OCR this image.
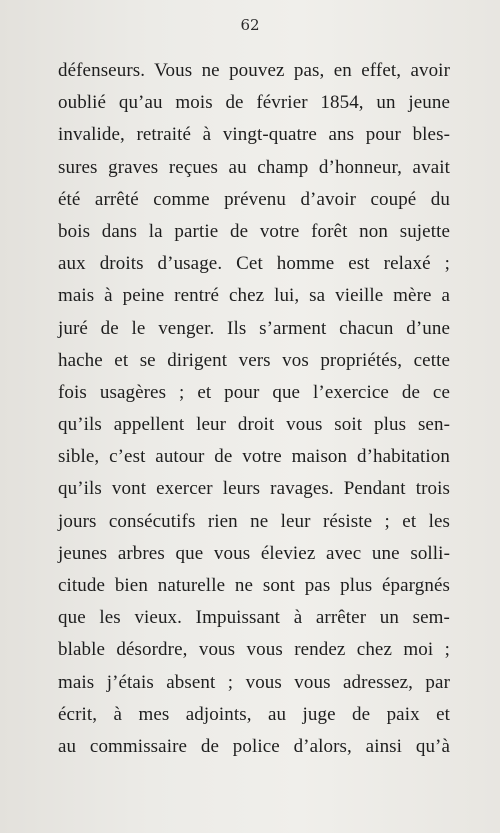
62
défenseurs. Vous ne pouvez pas, en effet, avoir
oublié qu’au mois de février 1854, un jeune
invalide, retraité à vingt-quatre ans pour bles-
sures graves reçues au champ d’honneur, avait
été arrêté comme prévenu d’avoir coupé du
bois dans la partie de votre forêt non sujette
aux droits d’usage. Cet homme est relaxé ;
mais à peine rentré chez lui, sa vieille mère a
juré de le venger. Ils s’arment chacun d’une
hache et se dirigent vers vos propriétés, cette
fois usagères ; et pour que l’exercice de ce
qu’ils appellent leur droit vous soit plus sen-
sible, c’est autour de votre maison d’habitation
qu’ils vont exercer leurs ravages. Pendant trois
jours consécutifs rien ne leur résiste ; et les
jeunes arbres que vous éleviez avec une solli-
citude bien naturelle ne sont pas plus épargnés
que les vieux. Impuissant à arrêter un sem-
blable désordre, vous vous rendez chez moi ;
mais j’étais absent ; vous vous adressez, par
écrit, à mes adjoints, au juge de paix et
au commissaire de police d’alors, ainsi qu’à
